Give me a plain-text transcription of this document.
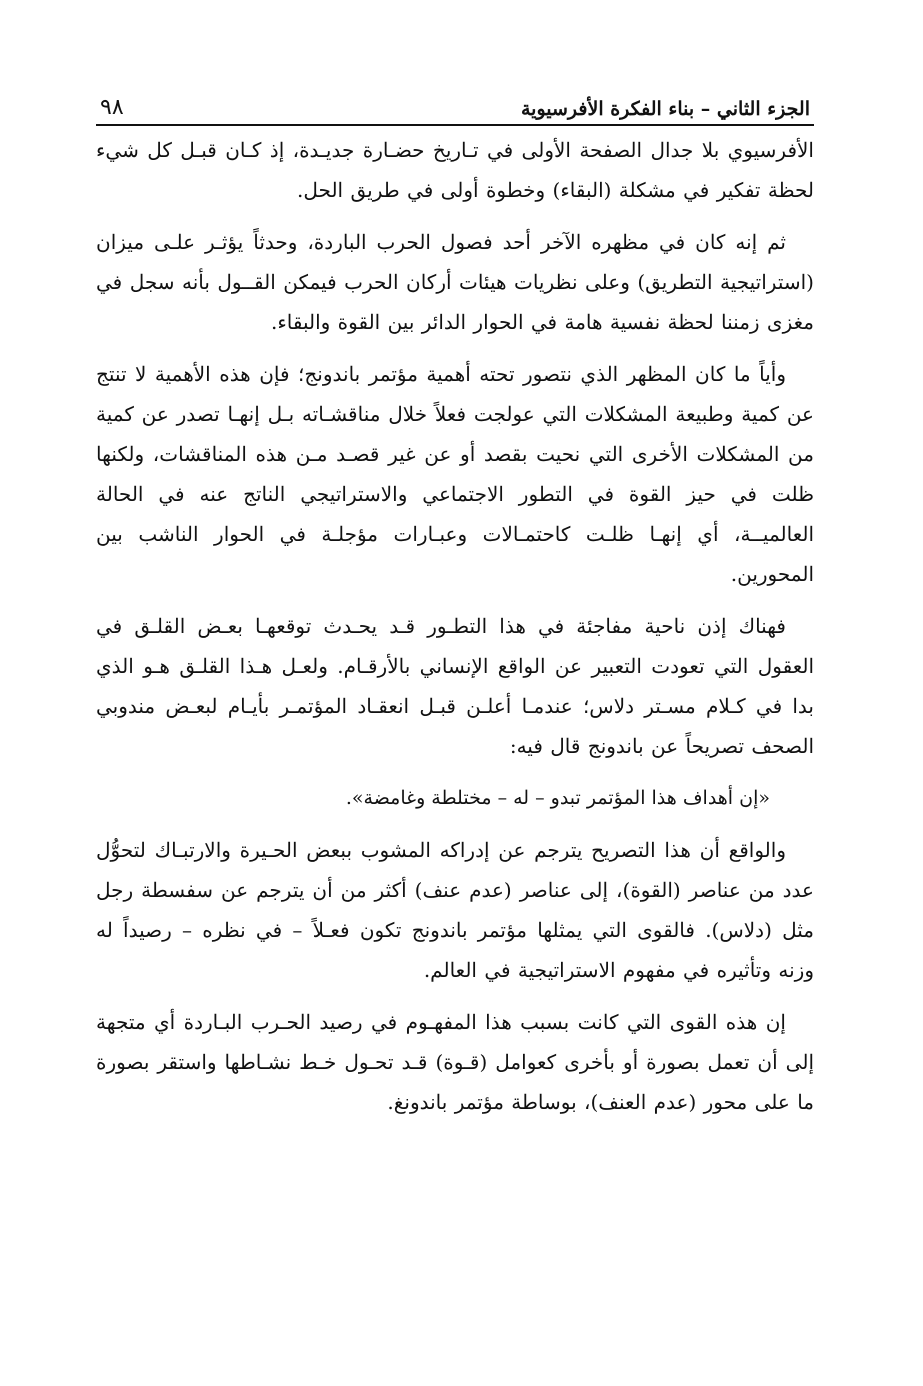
الجزء الثاني – بناء الفكرة الأفرسيوية
٩٨

الأفرسيوي بلا جدال الصفحة الأولى في تـاريخ حضـارة جديـدة، إذ كـان قبـل كل شيء لحظة تفكير في مشكلة (البقاء) وخطوة أولى في طريق الحل.

ثم إنه كان في مظهره الآخر أحد فصول الحرب الباردة، وحدثاً يؤثـر علـى ميزان (استراتيجية التطريق) وعلى نظريات هيئات أركان الحرب فيمكن القــول بأنه سجل في مغزى زمننا لحظة نفسية هامة في الحوار الدائر بين القوة والبقاء.

وأياً ما كان المظهر الذي نتصور تحته أهمية مؤتمر باندونج؛ فإن هذه الأهمية لا تنتج عن كمية وطبيعة المشكلات التي عولجت فعلاً خلال مناقشـاته بـل إنهـا تصدر عن كمية من المشكلات الأخرى التي نحيت بقصد أو عن غير قصـد مـن هذه المناقشات، ولكنها ظلت في حيز القوة في التطور الاجتماعي والاستراتيجي الناتج عنه في الحالة العالميــة، أي إنهـا ظلـت كاحتمـالات وعبـارات مؤجلـة في الحوار الناشب بين المحورين.

فهناك إذن ناحية مفاجئة في هذا التطـور قـد يحـدث توقعهـا بعـض القلـق في العقول التي تعودت التعبير عن الواقع الإنساني بالأرقـام. ولعـل هـذا القلـق هـو الذي بدا في كـلام مسـتر دلاس؛ عندمـا أعلـن قبـل انعقـاد المؤتمـر بأيـام لبعـض مندوبي الصحف تصريحاً عن باندونج قال فيه:

«إن أهداف هذا المؤتمر تبدو – له – مختلطة وغامضة».

والواقع أن هذا التصريح يترجم عن إدراكه المشوب ببعض الحـيرة والارتبـاك لتحوُّل عدد من عناصر (القوة)، إلى عناصر (عدم عنف) أكثر من أن يترجم عن سفسطة رجل مثل (دلاس). فالقوى التي يمثلها مؤتمر باندونج تكون فعـلاً – في نظره – رصيداً له وزنه وتأثيره في مفهوم الاستراتيجية في العالم.

إن هذه القوى التي كانت بسبب هذا المفهـوم في رصيد الحـرب البـاردة أي متجهة إلى أن تعمل بصورة أو بأخرى كعوامل (قـوة) قـد تحـول خـط نشـاطها واستقر بصورة ما على محور (عدم العنف)، بوساطة مؤتمر باندونغ.
